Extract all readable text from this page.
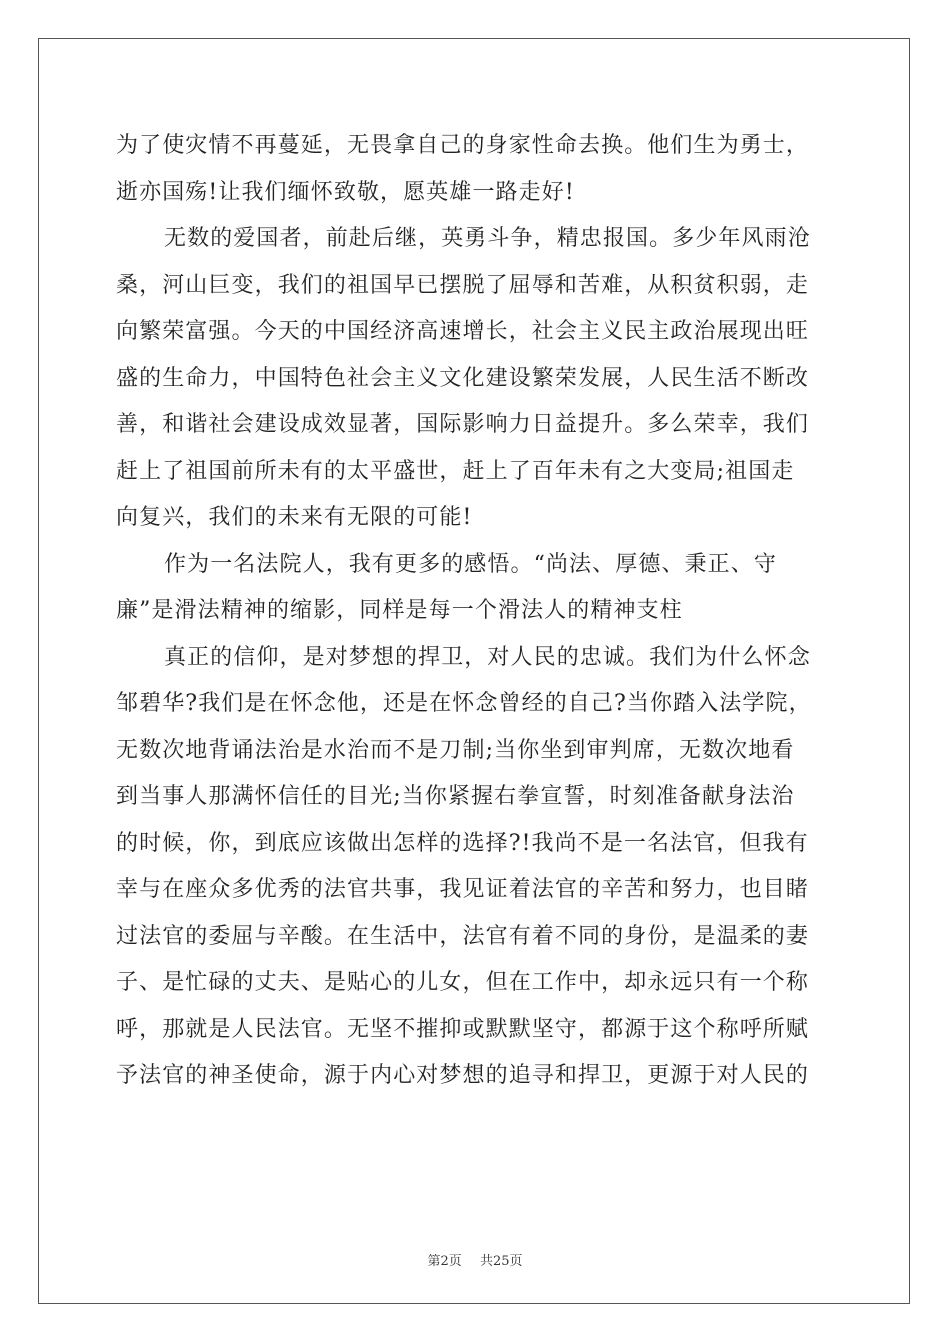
为了使灾情不再蔓延，无畏拿自己的身家性命去换。他们生为勇士，
逝亦国殇!让我们缅怀致敬，愿英雄一路走好!
无数的爱国者，前赴后继，英勇斗争，精忠报国。多少年风雨沧
桑，河山巨变，我们的祖国早已摆脱了屈辱和苦难，从积贫积弱，走
向繁荣富强。今天的中国经济高速增长，社会主义民主政治展现出旺
盛的生命力，中国特色社会主义文化建设繁荣发展，人民生活不断改
善，和谐社会建设成效显著，国际影响力日益提升。多么荣幸，我们
赶上了祖国前所未有的太平盛世，赶上了百年未有之大变局;祖国走
向复兴，我们的未来有无限的可能!
作为一名法院人，我有更多的感悟。“尚法、厚德、秉正、守
廉”是滑法精神的缩影，同样是每一个滑法人的精神支柱
真正的信仰，是对梦想的捍卫，对人民的忠诚。我们为什么怀念
邹碧华?我们是在怀念他，还是在怀念曾经的自己?当你踏入法学院，
无数次地背诵法治是水治而不是刀制;当你坐到审判席，无数次地看
到当事人那满怀信任的目光;当你紧握右拳宣誓，时刻准备献身法治
的时候，你，到底应该做出怎样的选择?!我尚不是一名法官，但我有
幸与在座众多优秀的法官共事，我见证着法官的辛苦和努力，也目睹
过法官的委屈与辛酸。在生活中，法官有着不同的身份，是温柔的妻
子、是忙碌的丈夫、是贴心的儿女，但在工作中，却永远只有一个称
呼，那就是人民法官。无坚不摧抑或默默坚守，都源于这个称呼所赋
予法官的神圣使命，源于内心对梦想的追寻和捍卫，更源于对人民的
第2页 共25页
